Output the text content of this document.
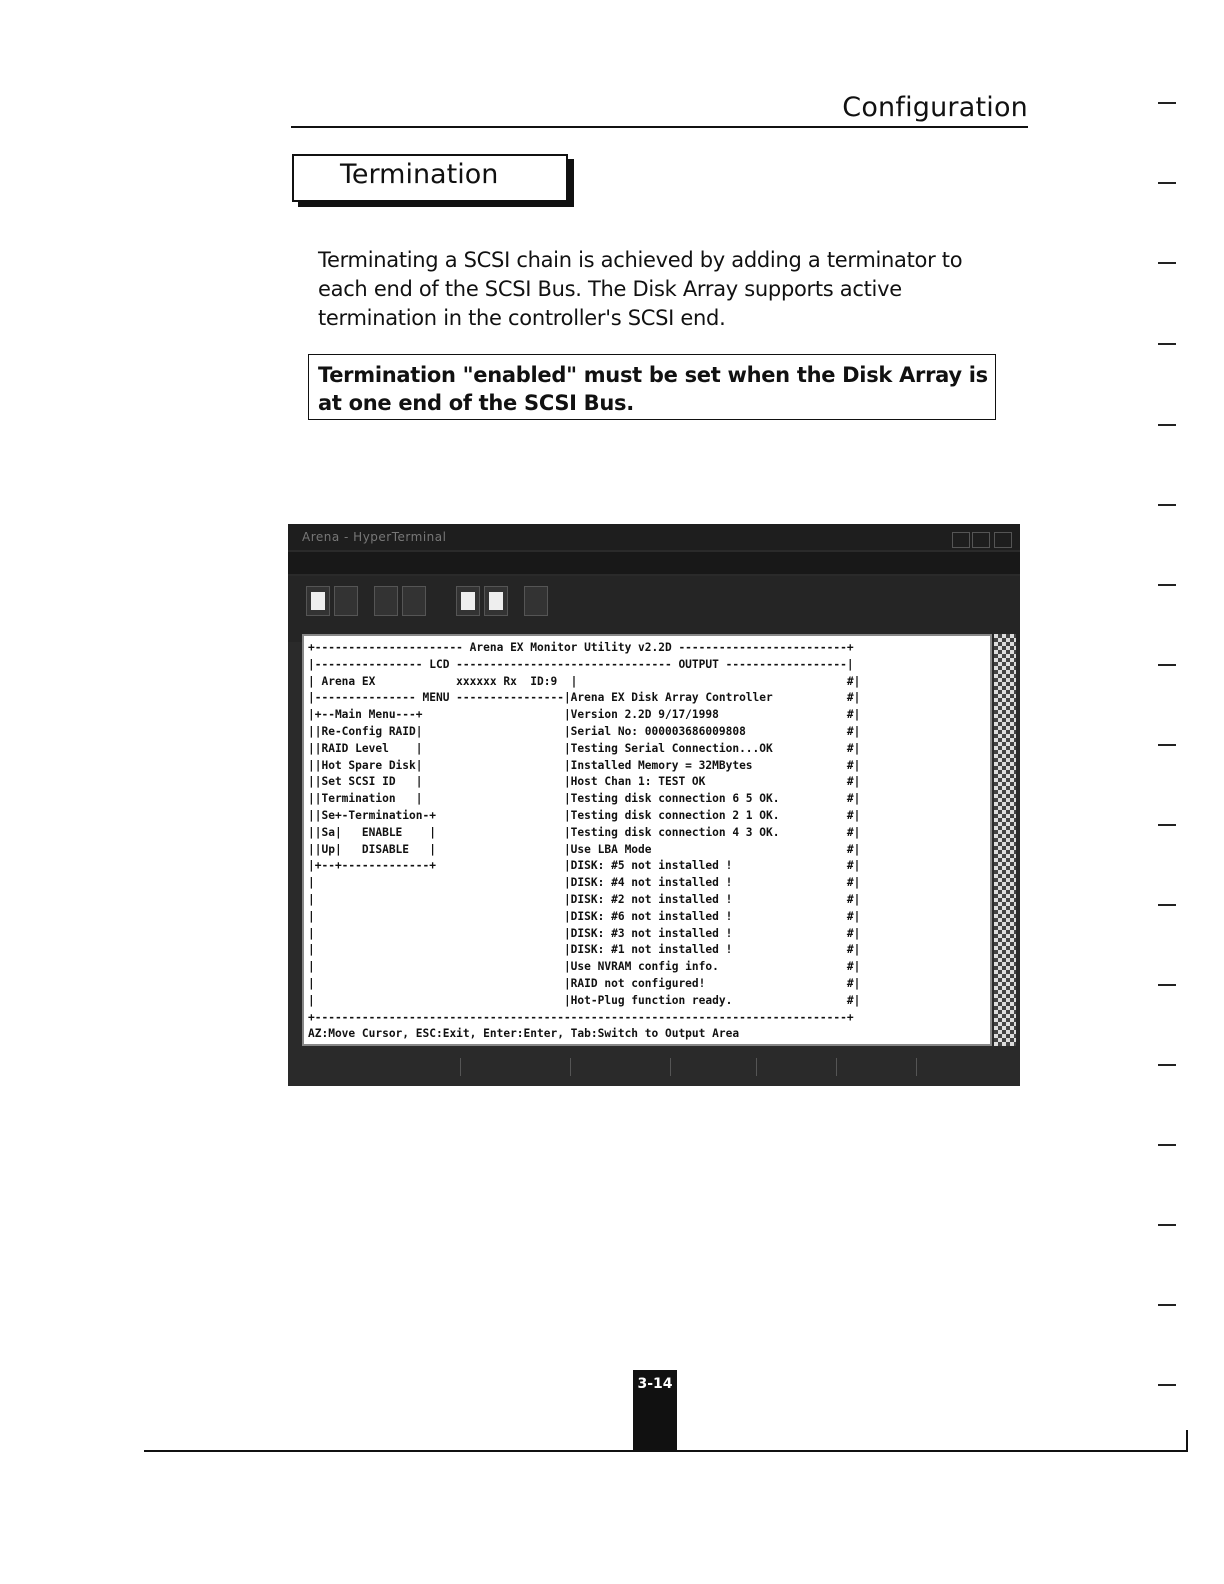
Configuration
Termination
Terminating a SCSI chain is achieved by adding a terminator to each end of the SCSI Bus. The Disk Array supports active termination in the controller's SCSI end.
Termination "enabled" must be set when the Disk Array is at one end of the SCSI Bus.
Arena - HyperTerminal
+---------------------- Arena EX Monitor Utility v2.2D -------------------------+
|---------------- LCD -------------------------------- OUTPUT ------------------|
| Arena EX            xxxxxx Rx  ID:9  |                                        #|
|--------------- MENU ----------------|Arena EX Disk Array Controller           #|
|+--Main Menu---+                     |Version 2.2D 9/17/1998                   #|
||Re-Config RAID|                     |Serial No: 000003686009808               #|
||RAID Level    |                     |Testing Serial Connection...OK           #|
||Hot Spare Disk|                     |Installed Memory = 32MBytes              #|
||Set SCSI ID   |                     |Host Chan 1: TEST OK                     #|
||Termination   |                     |Testing disk connection 6 5 OK.          #|
||Se+-Termination-+                   |Testing disk connection 2 1 OK.          #|
||Sa|   ENABLE    |                   |Testing disk connection 4 3 OK.          #|
||Up|   DISABLE   |                   |Use LBA Mode                             #|
|+--+-------------+                   |DISK: #5 not installed !                 #|
|                                     |DISK: #4 not installed !                 #|
|                                     |DISK: #2 not installed !                 #|
|                                     |DISK: #6 not installed !                 #|
|                                     |DISK: #3 not installed !                 #|
|                                     |DISK: #1 not installed !                 #|
|                                     |Use NVRAM config info.                   #|
|                                     |RAID not configured!                     #|
|                                     |Hot-Plug function ready.                 #|
+-------------------------------------------------------------------------------+
AZ:Move Cursor, ESC:Exit, Enter:Enter, Tab:Switch to Output Area
3-14
